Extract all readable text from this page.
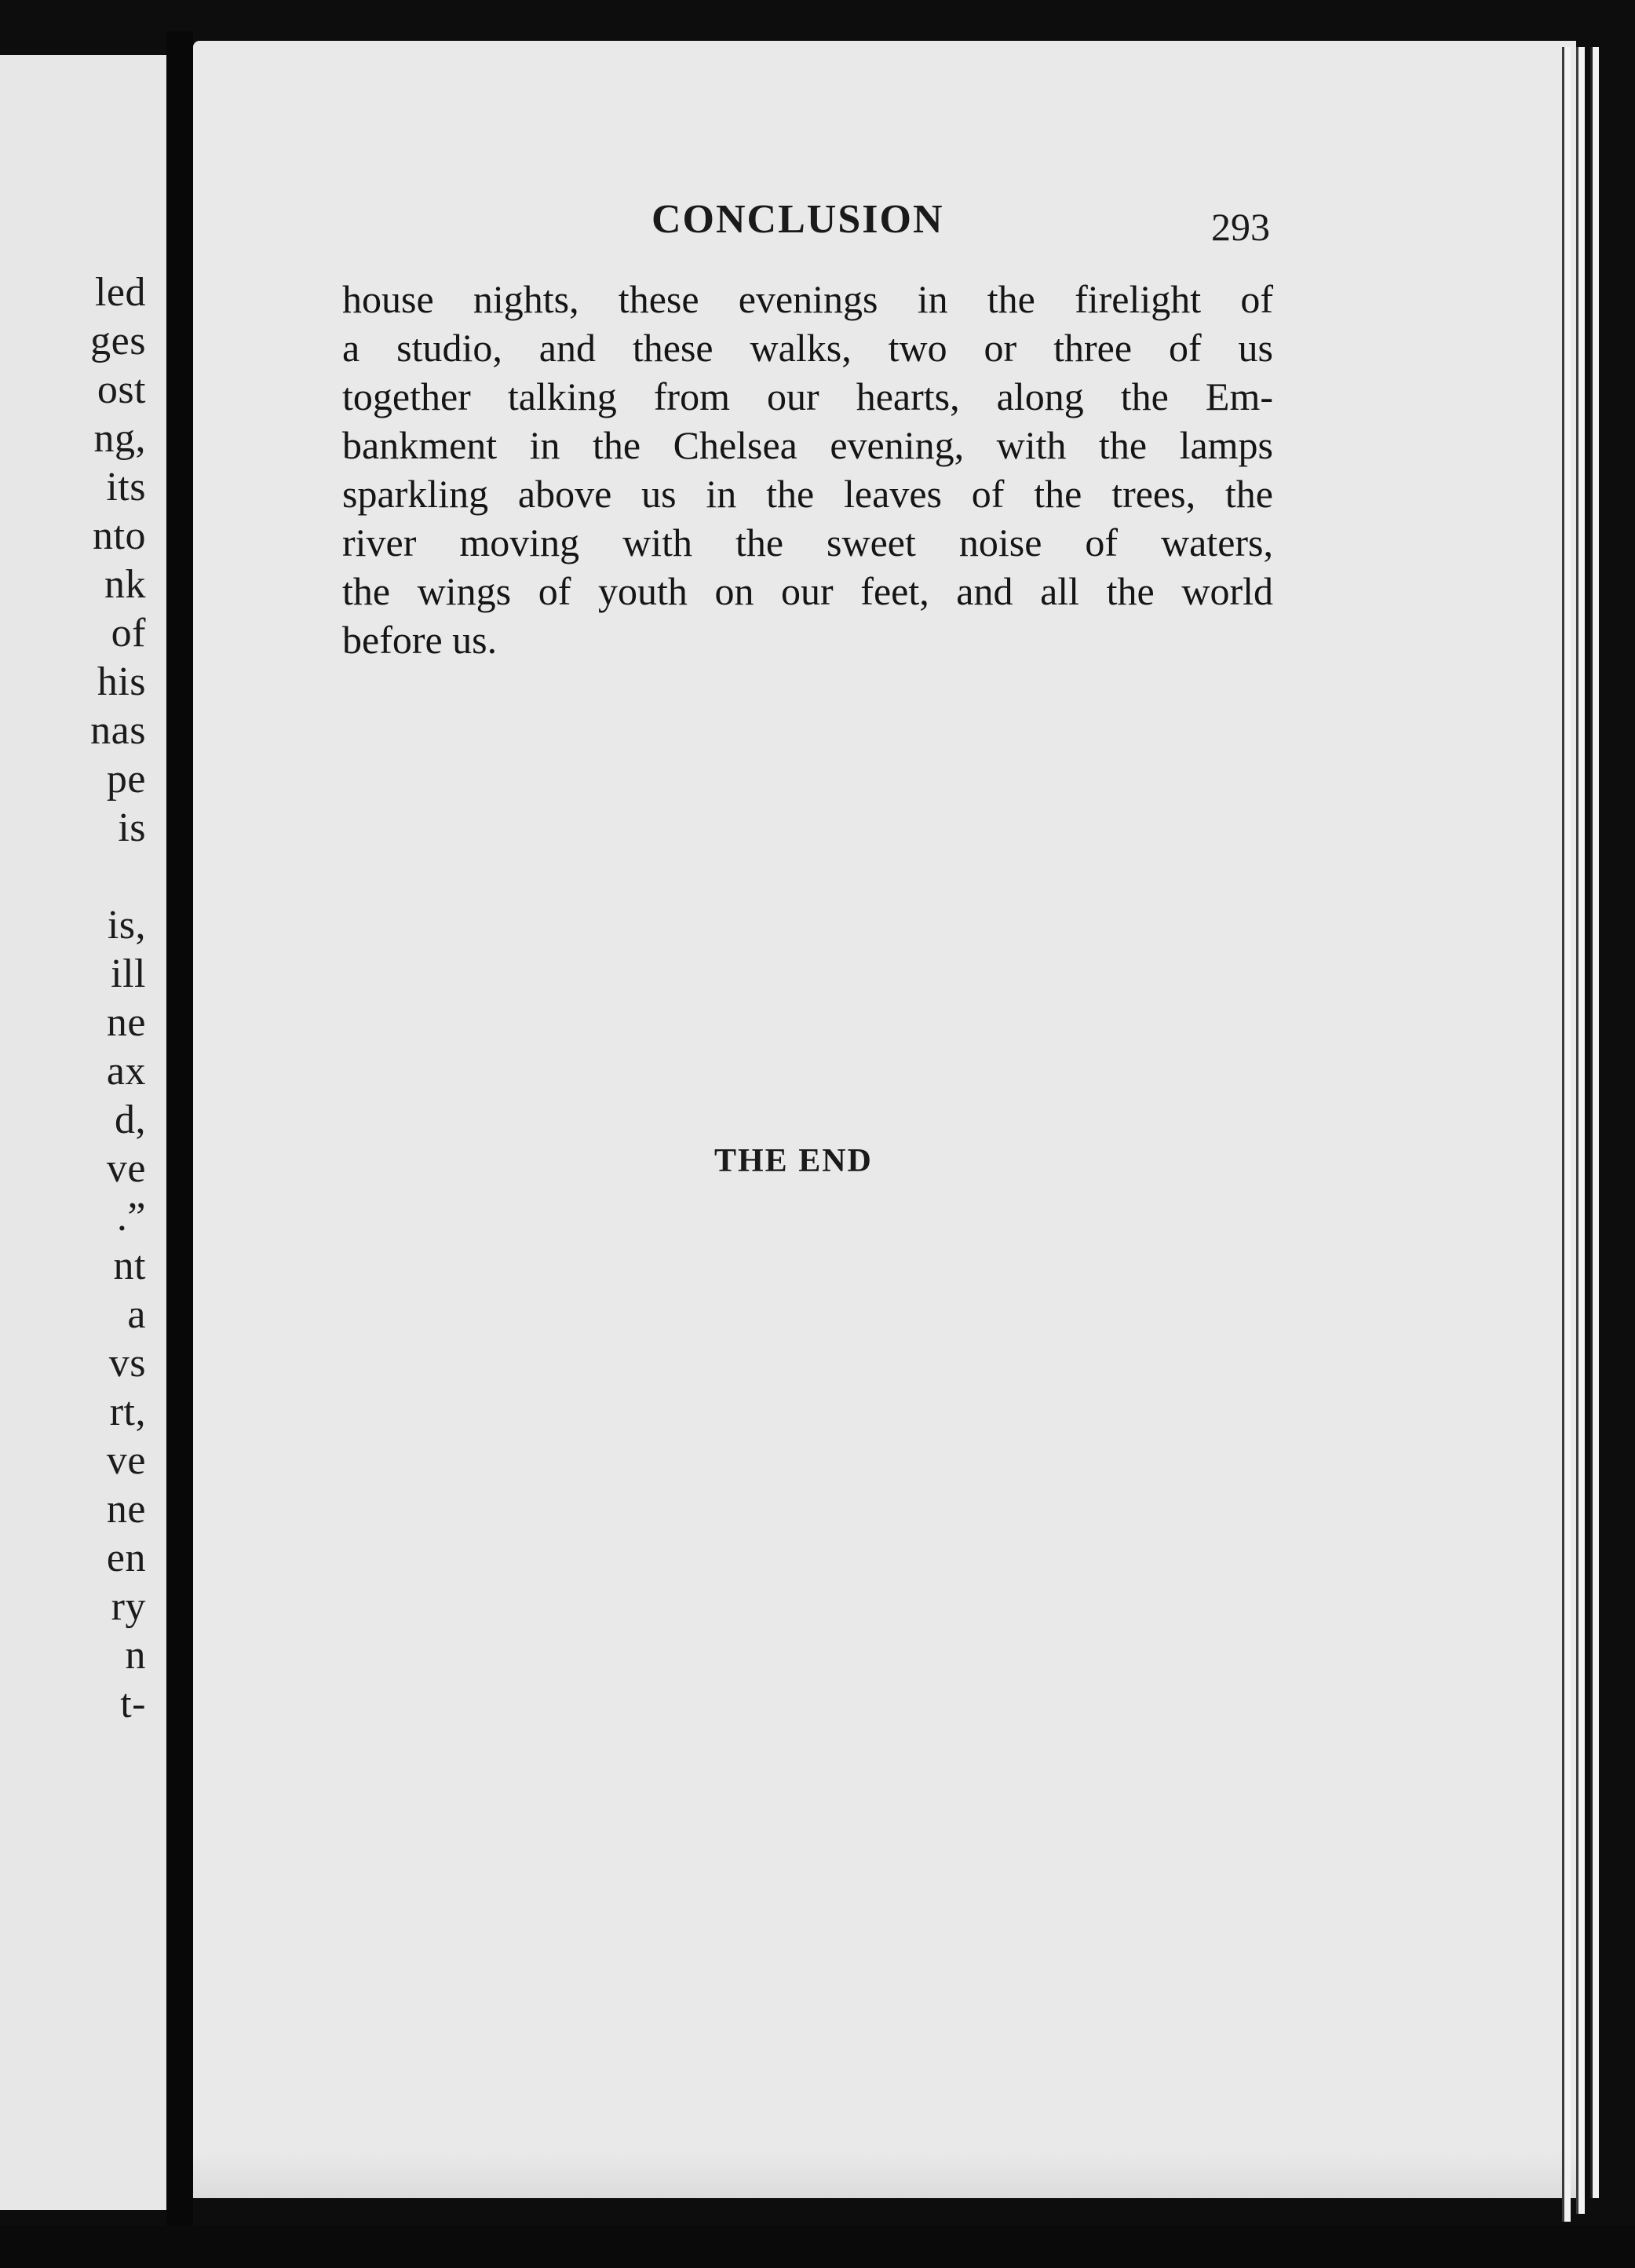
led
ges
ost
ng,
its
nto
nk
of
his
nas
pe
is
is,
ill
ne
ax
d,
ve
.”
nt
a
vs
rt,
ve
ne
en
ry
n
t-
CONCLUSION	293
house nights, these evenings in the firelight of
a studio, and these walks, two or three of us
together talking from our hearts, along the Em-
bankment in the Chelsea evening, with the lamps
sparkling above us in the leaves of the trees, the
river moving with the sweet noise of waters,
the wings of youth on our feet, and all the world
before us.
THE END
